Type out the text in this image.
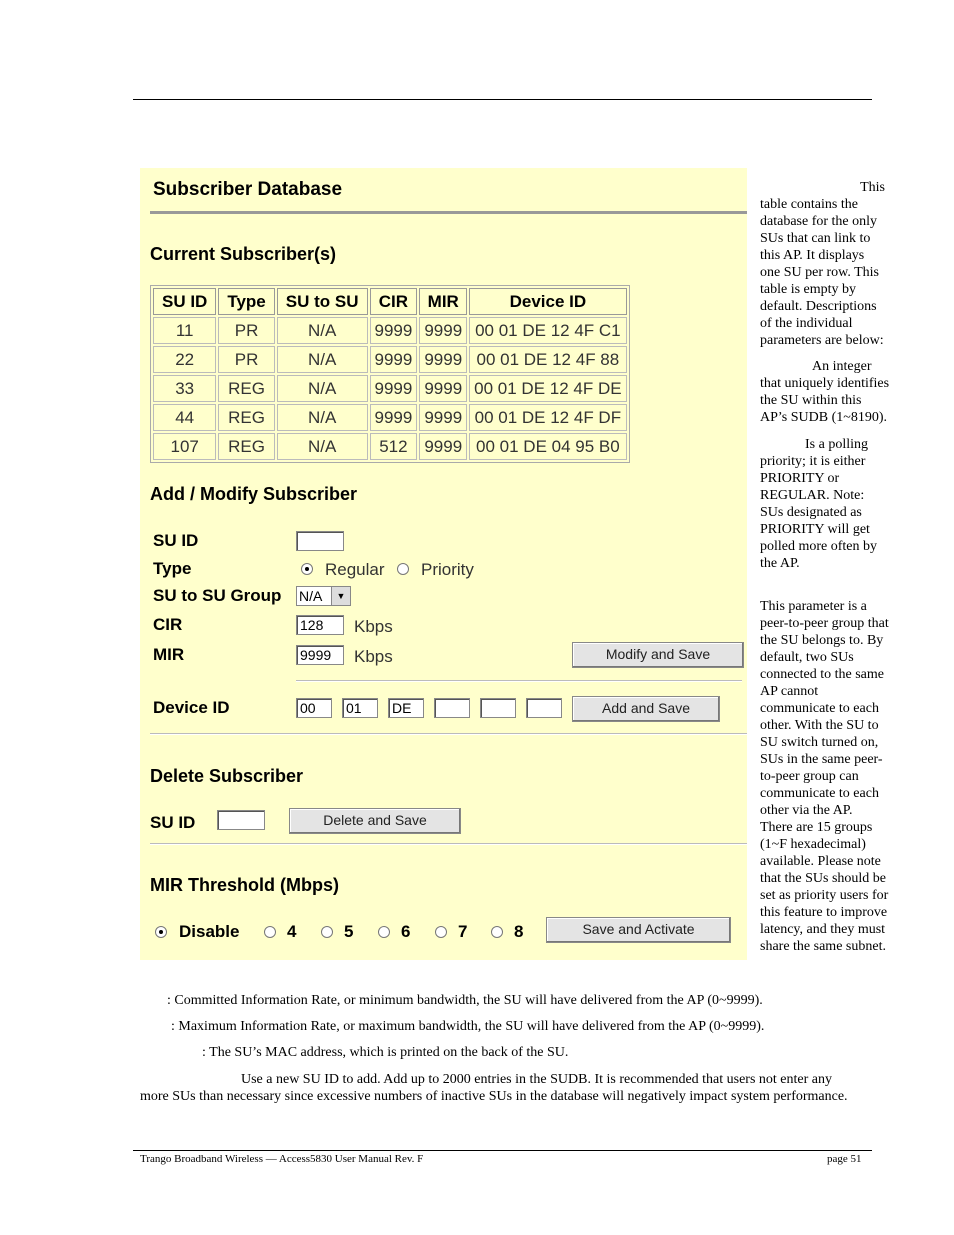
Subscriber Database
Current Subscriber(s)
SU ID	Type	SU to SU	CIR	MIR	Device ID
11	PR	N/A	9999	9999	00 01 DE 12 4F C1
22	PR	N/A	9999	9999	00 01 DE 12 4F 88
33	REG	N/A	9999	9999	00 01 DE 12 4F DE
44	REG	N/A	9999	9999	00 01 DE 12 4F DF
107	REG	N/A	512	9999	00 01 DE 04 95 B0
Add / Modify Subscriber
SU ID
Type	Regular Priority
SU to SU Group N/A	▼
CIR	128	Kbps
MIR	9999	Kbps	Modify and Save
Device ID	00	01	DE	Add and Save
Delete Subscriber
SU ID	Delete and Save
MIR Threshold (Mbps)
Disable	4	5	6	7	8	Save and Activate
This
table contains the
database for the only
SUs that can link to
this AP. It displays
one SU per row. This
table is empty by
default. Descriptions
of the individual
parameters are below:
An integer
that uniquely identifies
the SU within this
AP’s SUDB (1~8190).
Is a polling
priority; it is either
PRIORITY or
REGULAR. Note:
SUs designated as
PRIORITY will get
polled more often by
the AP.
This parameter is a
peer-to-peer group that
the SU belongs to. By
default, two SUs
connected to the same
AP cannot
communicate to each
other. With the SU to
SU switch turned on,
SUs in the same peer-
to-peer group can
communicate to each
other via the AP.
There are 15 groups
(1~F hexadecimal)
available. Please note
that the SUs should be
set as priority users for
this feature to improve
latency, and they must
share the same subnet.
: Committed Information Rate, or minimum bandwidth, the SU will have delivered from the AP (0~9999).
: Maximum Information Rate, or maximum bandwidth, the SU will have delivered from the AP (0~9999).
: The SU’s MAC address, which is printed on the back of the SU.
Use a new SU ID to add. Add up to 2000 entries in the SUDB. It is recommended that users not enter any
more SUs than necessary since excessive numbers of inactive SUs in the database will negatively impact system performance.
Trango Broadband Wireless — Access5830 User Manual Rev. F	page 51
